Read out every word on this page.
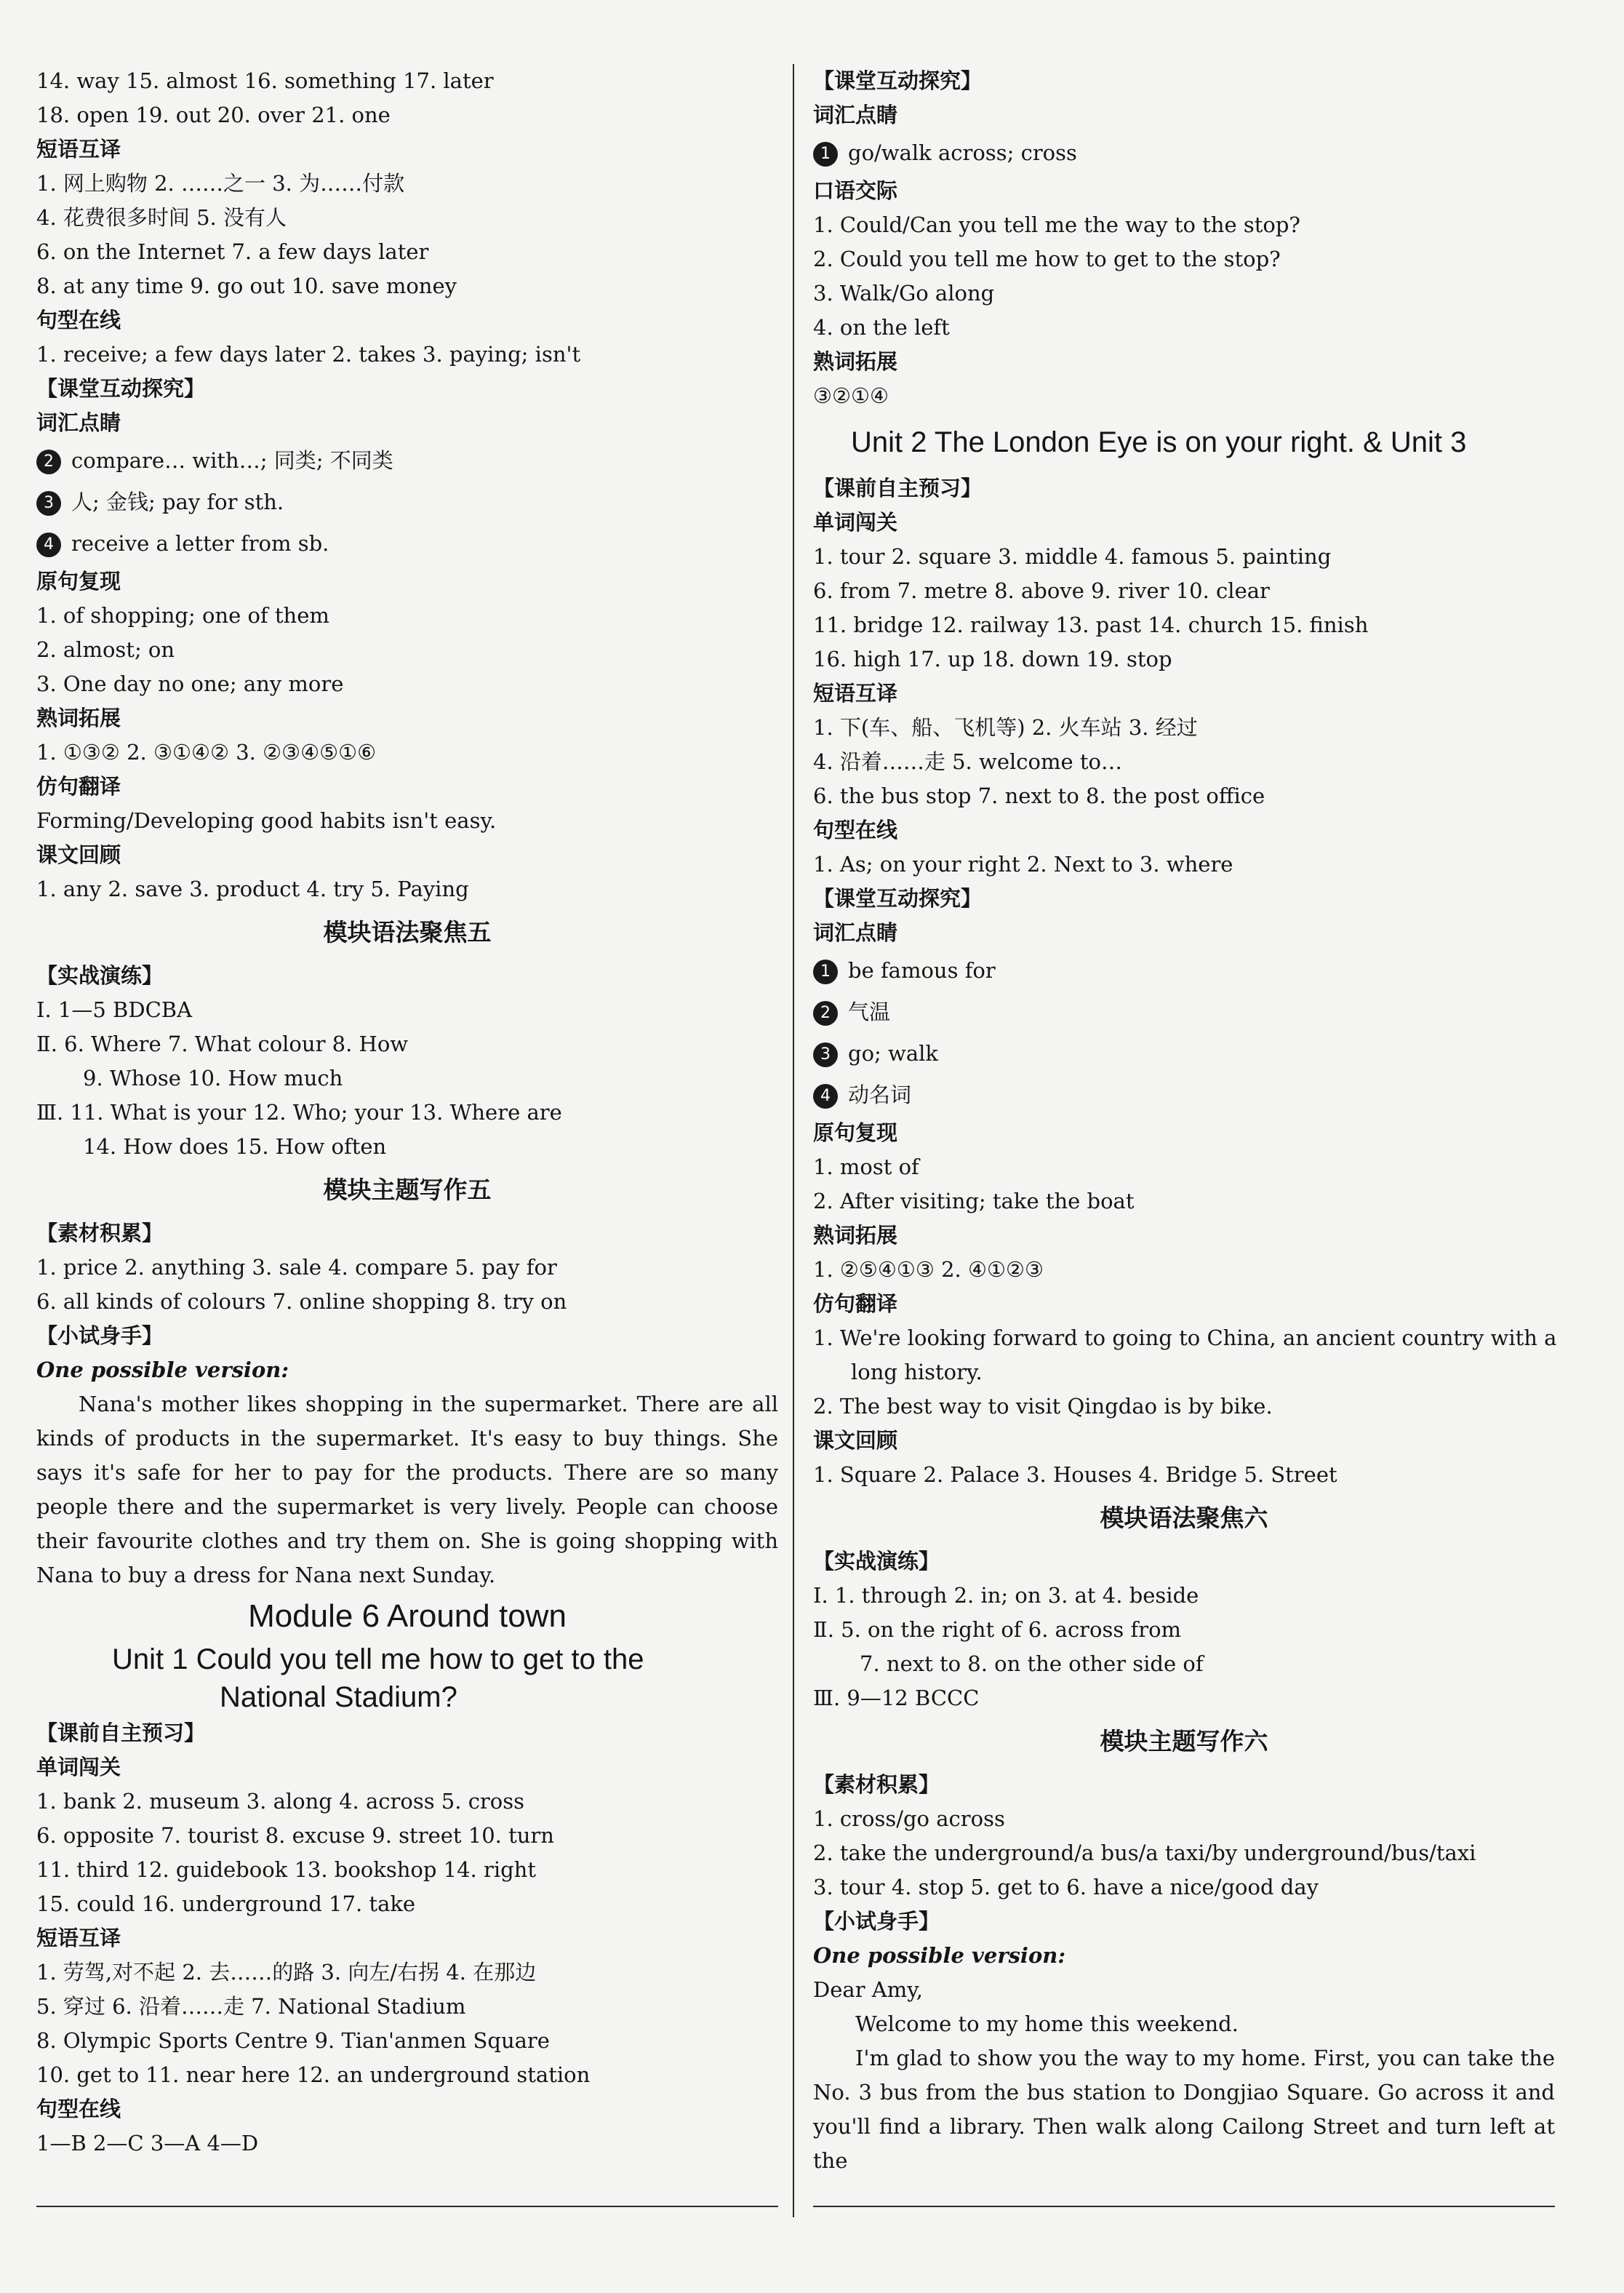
14. way 15. almost 16. something 17. later
18. open 19. out 20. over 21. one
短语互译
1. 网上购物 2. ……之一 3. 为……付款
4. 花费很多时间 5. 没有人
6. on the Internet 7. a few days later
8. at any time 9. go out 10. save money
句型在线
1. receive; a few days later 2. takes 3. paying; isn't
【课堂互动探究】
词汇点睛
2 compare… with…; 同类; 不同类
3 人; 金钱; pay for sth.
4 receive a letter from sb.
原句复现
1. of shopping; one of them
2. almost; on
3. One day no one; any more
熟词拓展
1. ①③② 2. ③①④② 3. ②③④⑤①⑥
仿句翻译
Forming/Developing good habits isn't easy.
课文回顾
1. any 2. save 3. product 4. try 5. Paying
模块语法聚焦五
【实战演练】
Ⅰ. 1—5 BDCBA
Ⅱ. 6. Where 7. What colour 8. How
9. Whose 10. How much
Ⅲ. 11. What is your 12. Who; your 13. Where are
14. How does 15. How often
模块主题写作五
【素材积累】
1. price 2. anything 3. sale 4. compare 5. pay for
6. all kinds of colours 7. online shopping 8. try on
【小试身手】
One possible version:
Nana's mother likes shopping in the supermarket. There are all kinds of products in the supermarket. It's easy to buy things. She says it's safe for her to pay for the products. There are so many people there and the supermarket is very lively. People can choose their favourite clothes and try them on. She is going shopping with Nana to buy a dress for Nana next Sunday.
Module 6 Around town
Unit 1 Could you tell me how to get to the
National Stadium?
【课前自主预习】
单词闯关
1. bank 2. museum 3. along 4. across 5. cross
6. opposite 7. tourist 8. excuse 9. street 10. turn
11. third 12. guidebook 13. bookshop 14. right
15. could 16. underground 17. take
短语互译
1. 劳驾,对不起 2. 去……的路 3. 向左/右拐 4. 在那边
5. 穿过 6. 沿着……走 7. National Stadium
8. Olympic Sports Centre 9. Tian'anmen Square
10. get to 11. near here 12. an underground station
句型在线
1—B 2—C 3—A 4—D
【课堂互动探究】
词汇点睛
1 go/walk across; cross
口语交际
1. Could/Can you tell me the way to the stop?
2. Could you tell me how to get to the stop?
3. Walk/Go along
4. on the left
熟词拓展
③②①④
Unit 2 The London Eye is on your right. & Unit 3
【课前自主预习】
单词闯关
1. tour 2. square 3. middle 4. famous 5. painting
6. from 7. metre 8. above 9. river 10. clear
11. bridge 12. railway 13. past 14. church 15. finish
16. high 17. up 18. down 19. stop
短语互译
1. 下(车、船、飞机等) 2. 火车站 3. 经过
4. 沿着……走 5. welcome to…
6. the bus stop 7. next to 8. the post office
句型在线
1. As; on your right 2. Next to 3. where
【课堂互动探究】
词汇点睛
1 be famous for
2 气温
3 go; walk
4 动名词
原句复现
1. most of
2. After visiting; take the boat
熟词拓展
1. ②⑤④①③ 2. ④①②③
仿句翻译
1. We're looking forward to going to China, an ancient country with a
long history.
2. The best way to visit Qingdao is by bike.
课文回顾
1. Square 2. Palace 3. Houses 4. Bridge 5. Street
模块语法聚焦六
【实战演练】
Ⅰ. 1. through 2. in; on 3. at 4. beside
Ⅱ. 5. on the right of 6. across from
7. next to 8. on the other side of
Ⅲ. 9—12 BCCC
模块主题写作六
【素材积累】
1. cross/go across
2. take the underground/a bus/a taxi/by underground/bus/taxi
3. tour 4. stop 5. get to 6. have a nice/good day
【小试身手】
One possible version:
Dear Amy,
Welcome to my home this weekend.
I'm glad to show you the way to my home. First, you can take the No. 3 bus from the bus station to Dongjiao Square. Go across it and you'll find a library. Then walk along Cailong Street and turn left at the
